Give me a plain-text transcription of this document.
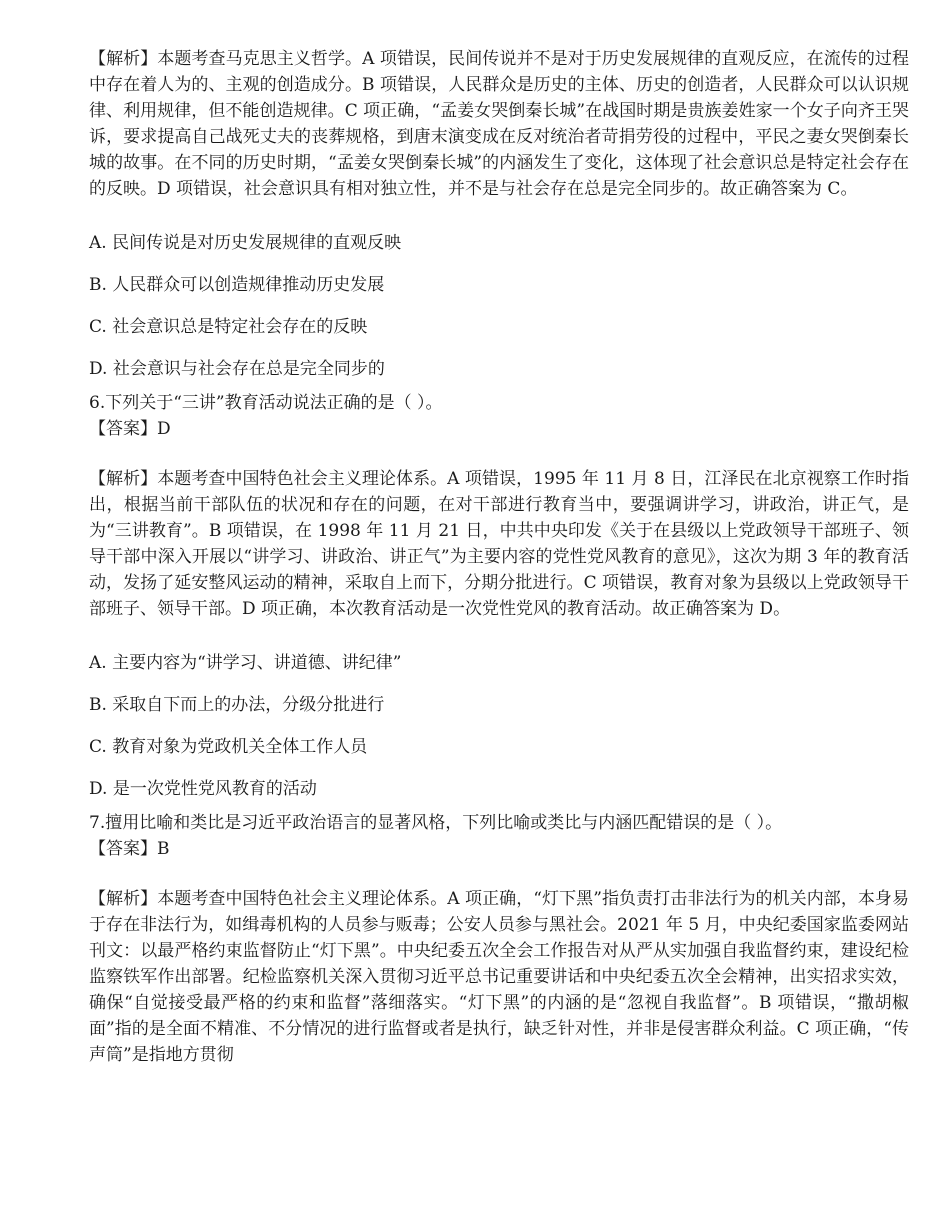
【解析】本题考查马克思主义哲学。A 项错误，民间传说并不是对于历史发展规律的直观反应，在流传的过程中存在着人为的、主观的创造成分。B 项错误，人民群众是历史的主体、历史的创造者，人民群众可以认识规律、利用规律，但不能创造规律。C 项正确，“孟姜女哭倒秦长城”在战国时期是贵族姜姓家一个女子向齐王哭诉，要求提高自己战死丈夫的丧葬规格，到唐末演变成在反对统治者苛捐劳役的过程中，平民之妻女哭倒秦长城的故事。在不同的历史时期，“孟姜女哭倒秦长城”的内涵发生了变化，这体现了社会意识总是特定社会存在的反映。D 项错误，社会意识具有相对独立性，并不是与社会存在总是完全同步的。故正确答案为 C。

A. 民间传说是对历史发展规律的直观反映

B. 人民群众可以创造规律推动历史发展

C. 社会意识总是特定社会存在的反映

D. 社会意识与社会存在总是完全同步的

6.下列关于“三讲”教育活动说法正确的是（ ）。

【答案】D

【解析】本题考查中国特色社会主义理论体系。A 项错误，1995 年 11 月 8 日，江泽民在北京视察工作时指出，根据当前干部队伍的状况和存在的问题，在对干部进行教育当中，要强调讲学习，讲政治，讲正气，是为“三讲教育”。B 项错误，在 1998 年 11 月 21 日，中共中央印发《关于在县级以上党政领导干部班子、领导干部中深入开展以“讲学习、讲政治、讲正气”为主要内容的党性党风教育的意见》，这次为期 3 年的教育活动，发扬了延安整风运动的精神，采取自上而下，分期分批进行。C 项错误，教育对象为县级以上党政领导干部班子、领导干部。D 项正确，本次教育活动是一次党性党风的教育活动。故正确答案为 D。

A. 主要内容为“讲学习、讲道德、讲纪律”

B. 采取自下而上的办法，分级分批进行

C. 教育对象为党政机关全体工作人员

D. 是一次党性党风教育的活动

7.擅用比喻和类比是习近平政治语言的显著风格，下列比喻或类比与内涵匹配错误的是（ ）。

【答案】B

【解析】本题考查中国特色社会主义理论体系。A 项正确，“灯下黑”指负责打击非法行为的机关内部，本身易于存在非法行为，如缉毒机构的人员参与贩毒；公安人员参与黑社会。2021 年 5 月，中央纪委国家监委网站刊文：以最严格约束监督防止“灯下黑”。中央纪委五次全会工作报告对从严从实加强自我监督约束，建设纪检监察铁军作出部署。纪检监察机关深入贯彻习近平总书记重要讲话和中央纪委五次全会精神，出实招求实效，确保“自觉接受最严格的约束和监督”落细落实。“灯下黑”的内涵的是“忽视自我监督”。B 项错误，“撒胡椒面”指的是全面不精准、不分情况的进行监督或者是执行，缺乏针对性，并非是侵害群众利益。C 项正确，“传声筒”是指地方贯彻
